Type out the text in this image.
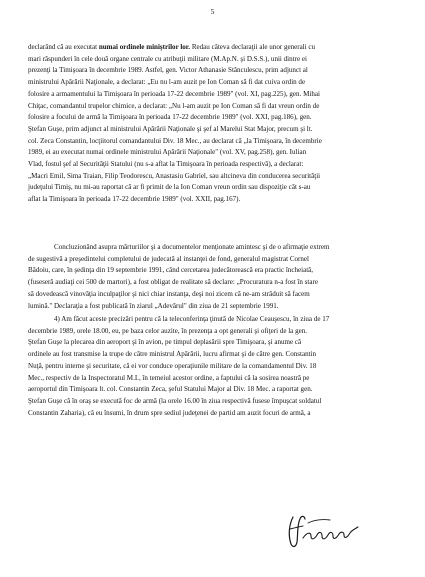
5
declarând că au executat numai ordinele miniştrilor lor. Redau câteva declaraţii ale unor generali cu
mari răspunderi în cele două organe centrale cu atribuţii militare (M.Ap.N. şi D.S.S.), unii dintre ei
prezenţi la Timişoara în decembrie 1989. Astfel, gen. Victor Athanasie Stănculescu, prim adjunct al
ministrului Apărării Naţionale, a declarat: „Eu nu l-am auzit pe Ion Coman să fi dat cuiva ordin de
folosire a armamentului la Timişoara în perioada 17-22 decembrie 1989" (vol. XI, pag.225), gen. Mihai
Chiţac, comandantul trupelor chimice, a declarat: „Nu l-am auzit pe Ion Coman să fi dat vreun ordin de
folosire a focului de armă la Timişoara în perioada 17-22 decembrie 1989" (vol. XXI, pag.186), gen.
Ştefan Guşe, prim adjunct al ministrului Apărării Naţionale şi şef al Marelui Stat Major, precum şi lt.
col. Zeca Constantin, locţiitorul comandantului Div. 18 Mec., au declarat că „la Timişoara, în decembrie
1989, ei au executat numai ordinele ministrului Apărării Naţionale" (vol. XV, pag.258), gen. Iulian
Vlad, fostul şef al Securităţii Statului (nu s-a aflat la Timişoara în perioada respectivă), a declarat:
„Macri Emil, Sima Traian, Filip Teodorescu, Anastasiu Gabriel, sau altcineva din conducerea securităţii
judeţului Timiş, nu mi-au raportat că ar fi primit de la Ion Coman vreun ordin sau dispoziţie cât s-au
aflat la Timişoara în perioada 17-22 decembrie 1989" (vol. XXII, pag.167).
Concluzionând asupra mărturiilor şi a documentelor menţionate amintesc şi de o afirmaţie extrem
de sugestivă a preşedintelui completului de judecată al instanţei de fond, generalul magistrat Cornel
Bădoiu, care, în şedinţa din 19 septembrie 1991, când cercetarea judecătorească era practic încheiată,
(fuseseră audiaţi cei 500 de martori), a fost obligat de realitate să declare: „Procuratura n-a fost în stare
să dovedească vinovăţia inculpaţilor şi nici chiar instanţa, deşi noi zicem că ne-am străduit să facem
lumină." Declaraţia a fost publicată în ziarul „Adevărul" din ziua de 21 septembrie 1991.
4) Am făcut aceste precizări pentru că la teleconferinţa ţinută de Nicolae Ceauşescu, în ziua de 17
decembrie 1989, orele 18.00, eu, pe baza celor auzite, în prezenţa a opt generali şi ofiţeri de la gen.
Ştefan Guşe la plecarea din aeroport şi în avion, pe timpul deplasării spre Timişoara, şi anume că
ordinele au fost transmise la trupe de către ministrul Apărării, lucru afirmat şi de către gen. Constantin
Nuţă, pentru interne şi securitate, că ei vor conduce operaţiunile militare de la comandamentul Div. 18
Mec., respectiv de la Inspectoratul M.I., în temeiul acestor ordine, a faptului că la sosirea noastră pe
aeroportul din Timişoara lt. col. Constantin Zeca, şeful Statului Major al Div. 18 Mec. a raportat gen.
Ştefan Guşe că în oraş se execută foc de armă (la orele 16.00 în ziua respectivă fusese împuşcat soldatul
Constantin Zaharia), că eu însumi, în drum spre sediul judeţenei de partid am auzit focuri de armă, a
